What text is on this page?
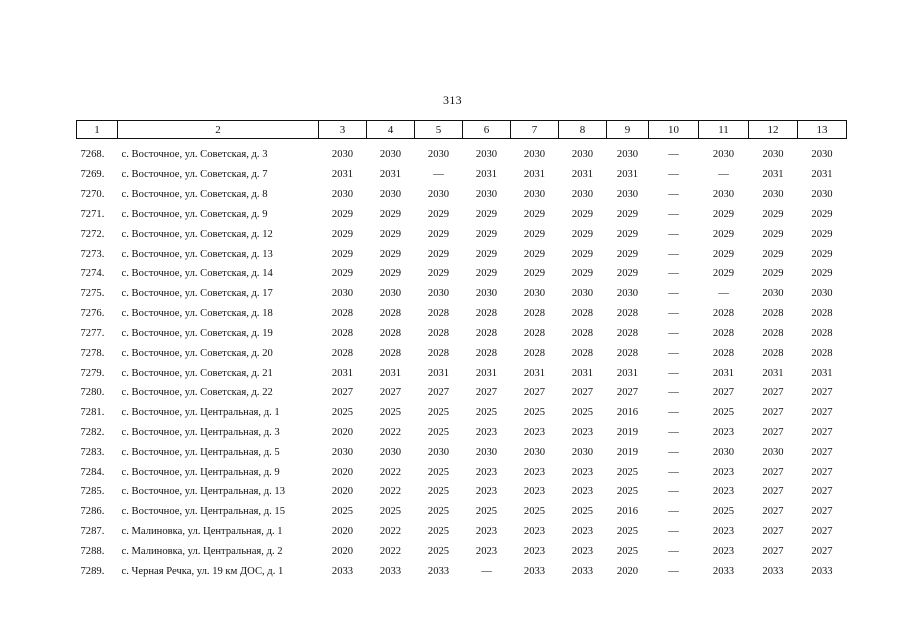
313
1	2	3	4	5	6	7	8	9	10	11	12	13

7268.	с. Восточное, ул. Советская, д. 3	2030	2030	2030	2030	2030	2030	2030	—	2030	2030	2030
7269.	с. Восточное, ул. Советская, д. 7	2031	2031	—	2031	2031	2031	2031	—	—	2031	2031
7270.	с. Восточное, ул. Советская, д. 8	2030	2030	2030	2030	2030	2030	2030	—	2030	2030	2030
7271.	с. Восточное, ул. Советская, д. 9	2029	2029	2029	2029	2029	2029	2029	—	2029	2029	2029
7272.	с. Восточное, ул. Советская, д. 12	2029	2029	2029	2029	2029	2029	2029	—	2029	2029	2029
7273.	с. Восточное, ул. Советская, д. 13	2029	2029	2029	2029	2029	2029	2029	—	2029	2029	2029
7274.	с. Восточное, ул. Советская, д. 14	2029	2029	2029	2029	2029	2029	2029	—	2029	2029	2029
7275.	с. Восточное, ул. Советская, д. 17	2030	2030	2030	2030	2030	2030	2030	—	—	2030	2030
7276.	с. Восточное, ул. Советская, д. 18	2028	2028	2028	2028	2028	2028	2028	—	2028	2028	2028
7277.	с. Восточное, ул. Советская, д. 19	2028	2028	2028	2028	2028	2028	2028	—	2028	2028	2028
7278.	с. Восточное, ул. Советская, д. 20	2028	2028	2028	2028	2028	2028	2028	—	2028	2028	2028
7279.	с. Восточное, ул. Советская, д. 21	2031	2031	2031	2031	2031	2031	2031	—	2031	2031	2031
7280.	с. Восточное, ул. Советская, д. 22	2027	2027	2027	2027	2027	2027	2027	—	2027	2027	2027
7281.	с. Восточное, ул. Центральная, д. 1	2025	2025	2025	2025	2025	2025	2016	—	2025	2027	2027
7282.	с. Восточное, ул. Центральная, д. 3	2020	2022	2025	2023	2023	2023	2019	—	2023	2027	2027
7283.	с. Восточное, ул. Центральная, д. 5	2030	2030	2030	2030	2030	2030	2019	—	2030	2030	2027
7284.	с. Восточное, ул. Центральная, д. 9	2020	2022	2025	2023	2023	2023	2025	—	2023	2027	2027
7285.	с. Восточное, ул. Центральная, д. 13	2020	2022	2025	2023	2023	2023	2025	—	2023	2027	2027
7286.	с. Восточное, ул. Центральная, д. 15	2025	2025	2025	2025	2025	2025	2016	—	2025	2027	2027
7287.	с. Малиновка, ул. Центральная, д. 1	2020	2022	2025	2023	2023	2023	2025	—	2023	2027	2027
7288.	с. Малиновка, ул. Центральная, д. 2	2020	2022	2025	2023	2023	2023	2025	—	2023	2027	2027
7289.	с. Черная Речка, ул. 19 км ДОС, д. 1	2033	2033	2033	—	2033	2033	2020	—	2033	2033	2033
